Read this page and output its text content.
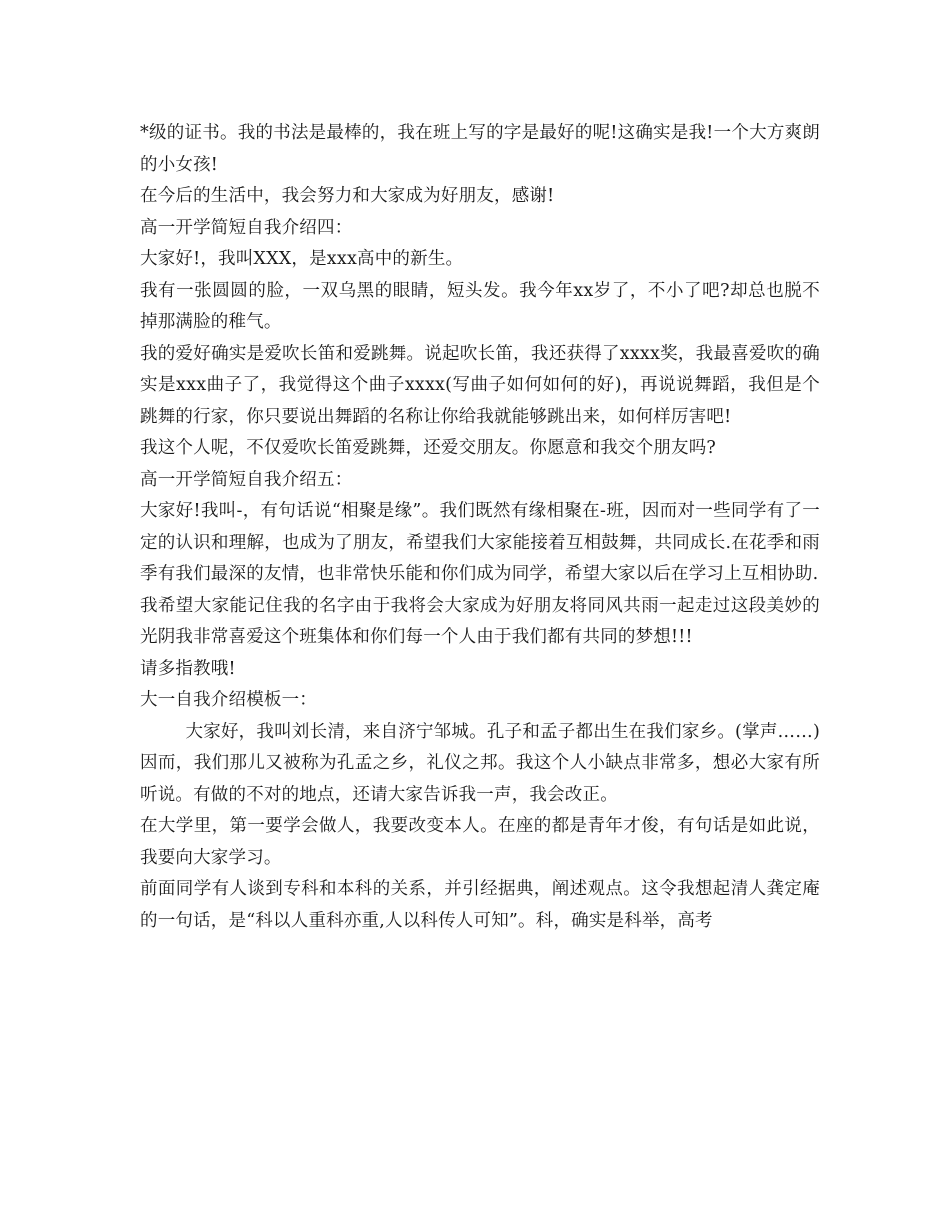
*级的证书。我的书法是最棒的，我在班上写的字是最好的呢!这确实是我!一个大方爽朗的小女孩!

在今后的生活中，我会努力和大家成为好朋友，感谢!

高一开学简短自我介绍四：

大家好!，我叫XXX，是xxx高中的新生。

我有一张圆圆的脸，一双乌黑的眼睛，短头发。我今年xx岁了，不小了吧?却总也脱不掉那满脸的稚气。

我的爱好确实是爱吹长笛和爱跳舞。说起吹长笛，我还获得了xxxx奖，我最喜爱吹的确实是xxx曲子了，我觉得这个曲子xxxx(写曲子如何如何的好)，再说说舞蹈，我但是个跳舞的行家，你只要说出舞蹈的名称让你给我就能够跳出来，如何样厉害吧!

我这个人呢，不仅爱吹长笛爱跳舞，还爱交朋友。你愿意和我交个朋友吗?

高一开学简短自我介绍五：

大家好!我叫-，有句话说“相聚是缘”。我们既然有缘相聚在-班，因而对一些同学有了一定的认识和理解，也成为了朋友，希望我们大家能接着互相鼓舞，共同成长.在花季和雨季有我们最深的友情，也非常快乐能和你们成为同学，希望大家以后在学习上互相协助.

我希望大家能记住我的名字由于我将会大家成为好朋友将同风共雨一起走过这段美妙的光阴我非常喜爱这个班集体和你们每一个人由于我们都有共同的梦想!!!

请多指教哦!

大一自我介绍模板一：

大家好，我叫刘长清，来自济宁邹城。孔子和孟子都出生在我们家乡。(掌声……)因而，我们那儿又被称为孔孟之乡，礼仪之邦。我这个人小缺点非常多，想必大家有所听说。有做的不对的地点，还请大家告诉我一声，我会改正。

在大学里，第一要学会做人，我要改变本人。在座的都是青年才俊，有句话是如此说，我要向大家学习。

前面同学有人谈到专科和本科的关系，并引经据典，阐述观点。这令我想起清人龚定庵的一句话，是“科以人重科亦重,人以科传人可知”。科，确实是科举，高考
